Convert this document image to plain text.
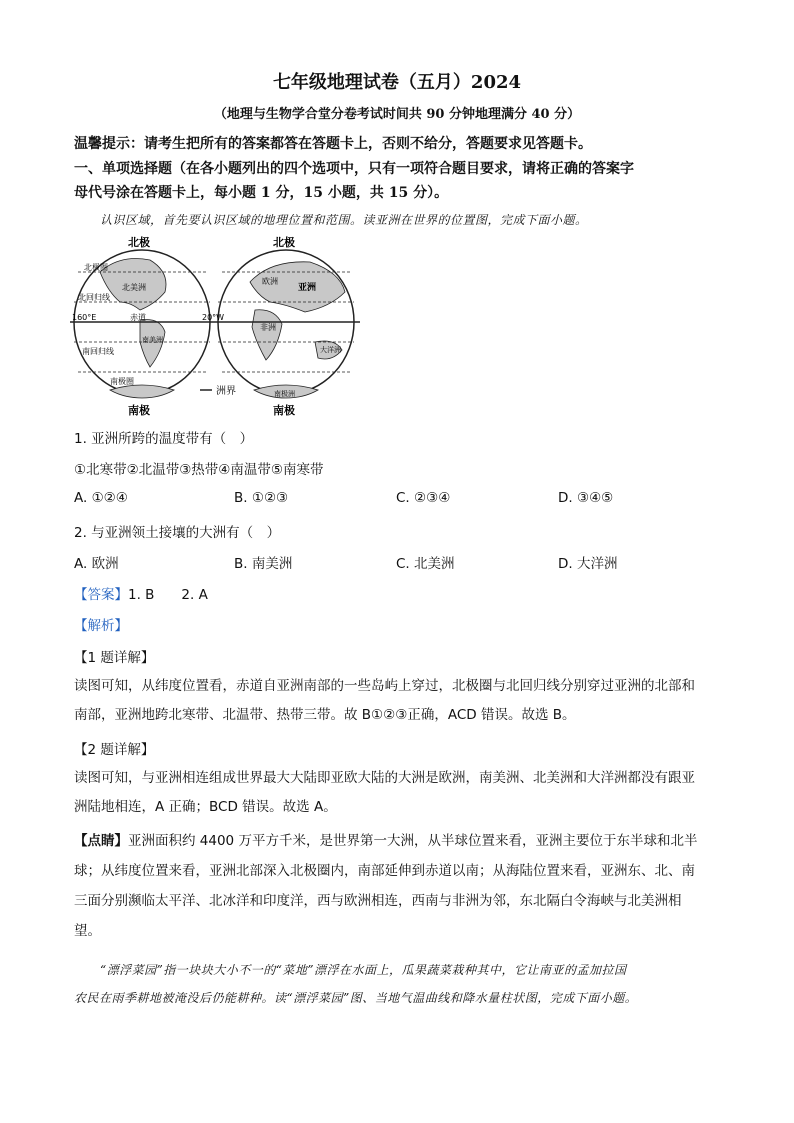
七年级地理试卷（五月）2024
（地理与生物学合堂分卷考试时间共 90 分钟地理满分 40 分）
温馨提示：请考生把所有的答案都答在答题卡上，否则不给分，答题要求见答题卡。
一、单项选择题（在各小题列出的四个选项中，只有一项符合题目要求，请将正确的答案字
母代号涂在答题卡上，每小题 1 分，15 小题，共 15 分）。
认识区域，首先要认识区域的地理位置和范围。读亚洲在世界的位置图，完成下面小题。
北极	北极
南极	南极
北极圈
北回归线
160°E	赤道	20°W
南回归线
南极圈
北美洲
南美洲
欧洲
亚洲
非洲
大洋洲
南极洲
洲界
1. 亚洲所跨的温度带有（　）
①北寒带②北温带③热带④南温带⑤南寒带
A. ①②④	B. ①②③	C. ②③④	D. ③④⑤
2. 与亚洲领土接壤的大洲有（　）
A. 欧洲	B. 南美洲	C. 北美洲	D. 大洋洲
【答案】1. B　　2. A
【解析】
【1 题详解】
读图可知，从纬度位置看，赤道自亚洲南部的一些岛屿上穿过，北极圈与北回归线分别穿过亚洲的北部和
南部，亚洲地跨北寒带、北温带、热带三带。故 B①②③正确，ACD 错误。故选 B。
【2 题详解】
读图可知，与亚洲相连组成世界最大大陆即亚欧大陆的大洲是欧洲，南美洲、北美洲和大洋洲都没有跟亚
洲陆地相连，A 正确；BCD 错误。故选 A。
【点睛】亚洲面积约 4400 万平方千米，是世界第一大洲，从半球位置来看，亚洲主要位于东半球和北半
球；从纬度位置来看，亚洲北部深入北极圈内，南部延伸到赤道以南；从海陆位置来看，亚洲东、北、南
三面分别濒临太平洋、北冰洋和印度洋，西与欧洲相连，西南与非洲为邻，东北隔白令海峡与北美洲相
望。
“漂浮菜园”指一块块大小不一的“菜地”漂浮在水面上，瓜果蔬菜栽种其中，它让南亚的孟加拉国
农民在雨季耕地被淹没后仍能耕种。读“漂浮菜园”图、当地气温曲线和降水量柱状图，完成下面小题。
